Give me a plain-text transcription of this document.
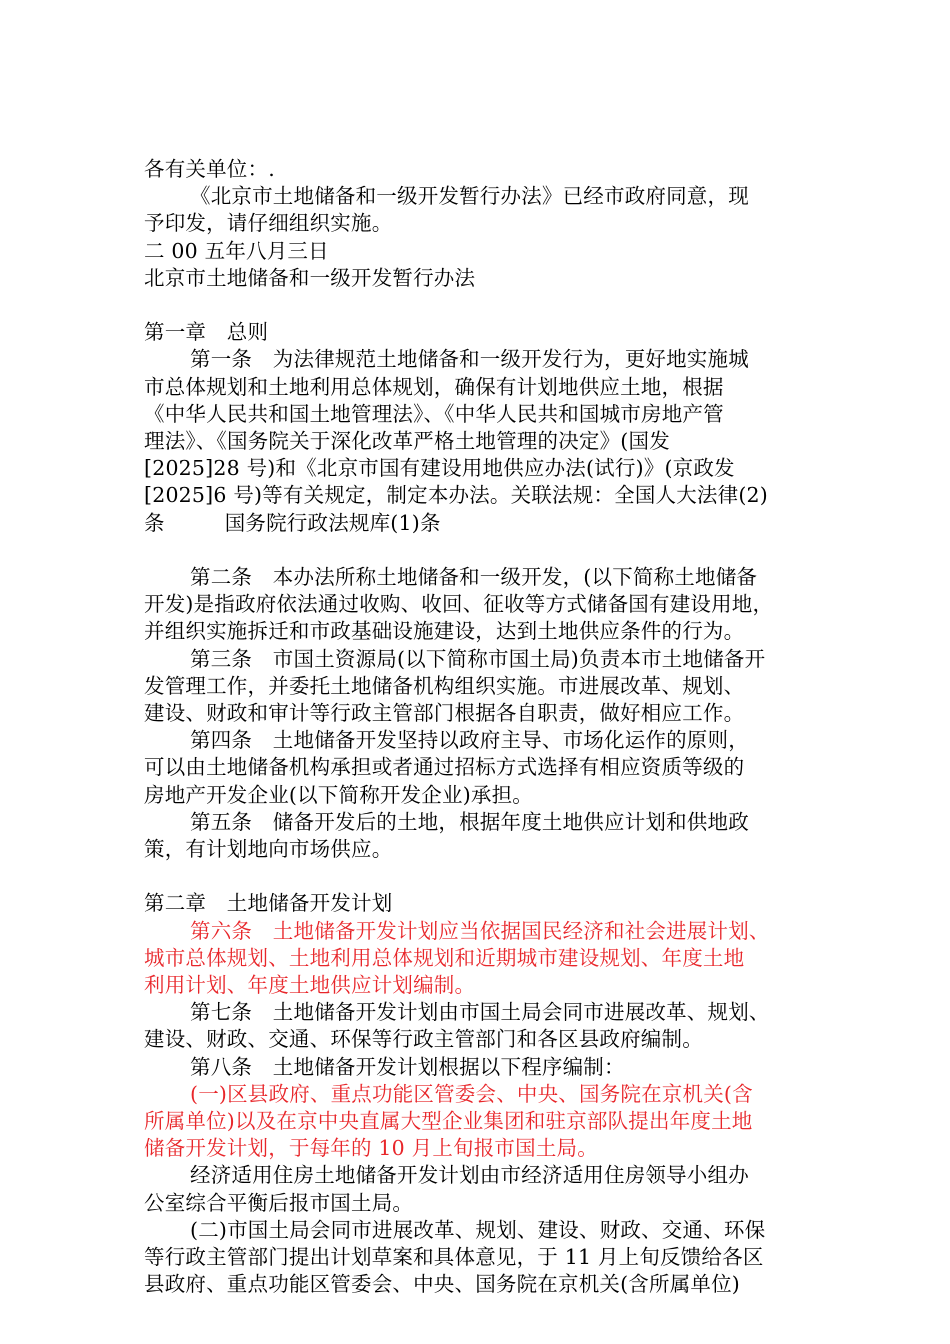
各有关单位：.
《北京市土地储备和一级开发暂行办法》已经市政府同意，现
予印发，请仔细组织实施。
二 00 五年八月三日
北京市土地储备和一级开发暂行办法
第一章　总则
第一条　为法律规范土地储备和一级开发行为，更好地实施城
市总体规划和土地利用总体规划，确保有计划地供应土地，根据
《中华人民共和国土地管理法》、《中华人民共和国城市房地产管
理法》、《国务院关于深化改革严格土地管理的决定》(国发
[2025]28 号)和《北京市国有建设用地供应办法(试行)》(京政发
[2025]6 号)等有关规定，制定本办法。关联法规：全国人大法律(2)
条	国务院行政法规库(1)条
第二条　本办法所称土地储备和一级开发，(以下简称土地储备
开发)是指政府依法通过收购、收回、征收等方式储备国有建设用地，
并组织实施拆迁和市政基础设施建设，达到土地供应条件的行为。
第三条　市国土资源局(以下简称市国土局)负责本市土地储备开
发管理工作，并委托土地储备机构组织实施。市进展改革、规划、
建设、财政和审计等行政主管部门根据各自职责，做好相应工作。
第四条　土地储备开发坚持以政府主导、市场化运作的原则，
可以由土地储备机构承担或者通过招标方式选择有相应资质等级的
房地产开发企业(以下简称开发企业)承担。
第五条　储备开发后的土地，根据年度土地供应计划和供地政
策，有计划地向市场供应。
第二章　土地储备开发计划
第六条　土地储备开发计划应当依据国民经济和社会进展计划、
城市总体规划、土地利用总体规划和近期城市建设规划、年度土地
利用计划、年度土地供应计划编制。
第七条　土地储备开发计划由市国土局会同市进展改革、规划、
建设、财政、交通、环保等行政主管部门和各区县政府编制。
第八条　土地储备开发计划根据以下程序编制：
(一)区县政府、重点功能区管委会、中央、国务院在京机关(含
所属单位)以及在京中央直属大型企业集团和驻京部队提出年度土地
储备开发计划，于每年的 10 月上旬报市国土局。
经济适用住房土地储备开发计划由市经济适用住房领导小组办
公室综合平衡后报市国土局。
(二)市国土局会同市进展改革、规划、建设、财政、交通、环保
等行政主管部门提出计划草案和具体意见，于 11 月上旬反馈给各区
县政府、重点功能区管委会、中央、国务院在京机关(含所属单位)
